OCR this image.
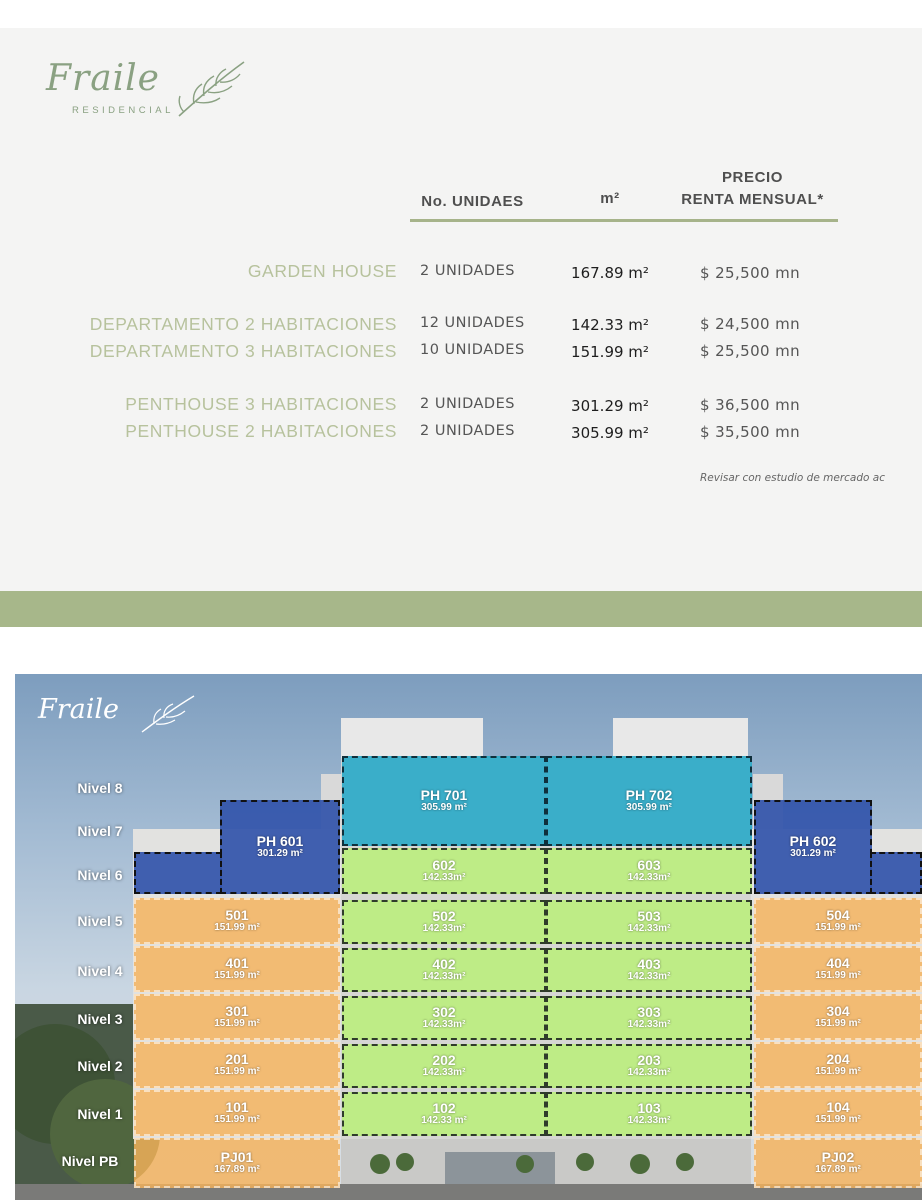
Fraile
RESIDENCIAL
No. UNIDAES	m²
PRECIO
RENTA MENSUAL*
GARDEN HOUSE 2 UNIDADES	167.89 m²	$ 25,500 mn
DEPARTAMENTO 2 HABITACIONES 12 UNIDADES	142.33 m²	$ 24,500 mn
DEPARTAMENTO 3 HABITACIONES 10 UNIDADES	151.99 m²	$ 25,500 mn
PENTHOUSE 3 HABITACIONES 2 UNIDADES	301.29 m²	$ 36,500 mn
PENTHOUSE 2 HABITACIONES 2 UNIDADES	305.99 m²	$ 35,500 mn
Revisar con estudio de mercado ac
Fraile
Nivel 8
Nivel 7
Nivel 6
Nivel 5
Nivel 4
Nivel 3
Nivel 2
Nivel 1
Nivel PB
PH 701
305.99 m²
PH 702
305.99 m²
PH 601
301.29 m²
PH 602
301.29 m²
602
142.33m²
603
142.33m²
501
151.99 m²
502
142.33m²
503
142.33m²
504
151.99 m²
401
151.99 m²
402
142.33m²
403
142.33m²
404
151.99 m²
301
151.99 m²
302
142.33m²
303
142.33m²
304
151.99 m²
201
151.99 m²
202
142.33m²
203
142.33m²
204
151.99 m²
101
151.99 m²
102
142.33 m²
103
142.33m²
104
151.99 m²
PJ01
167.89 m²
PJ02
167.89 m²
